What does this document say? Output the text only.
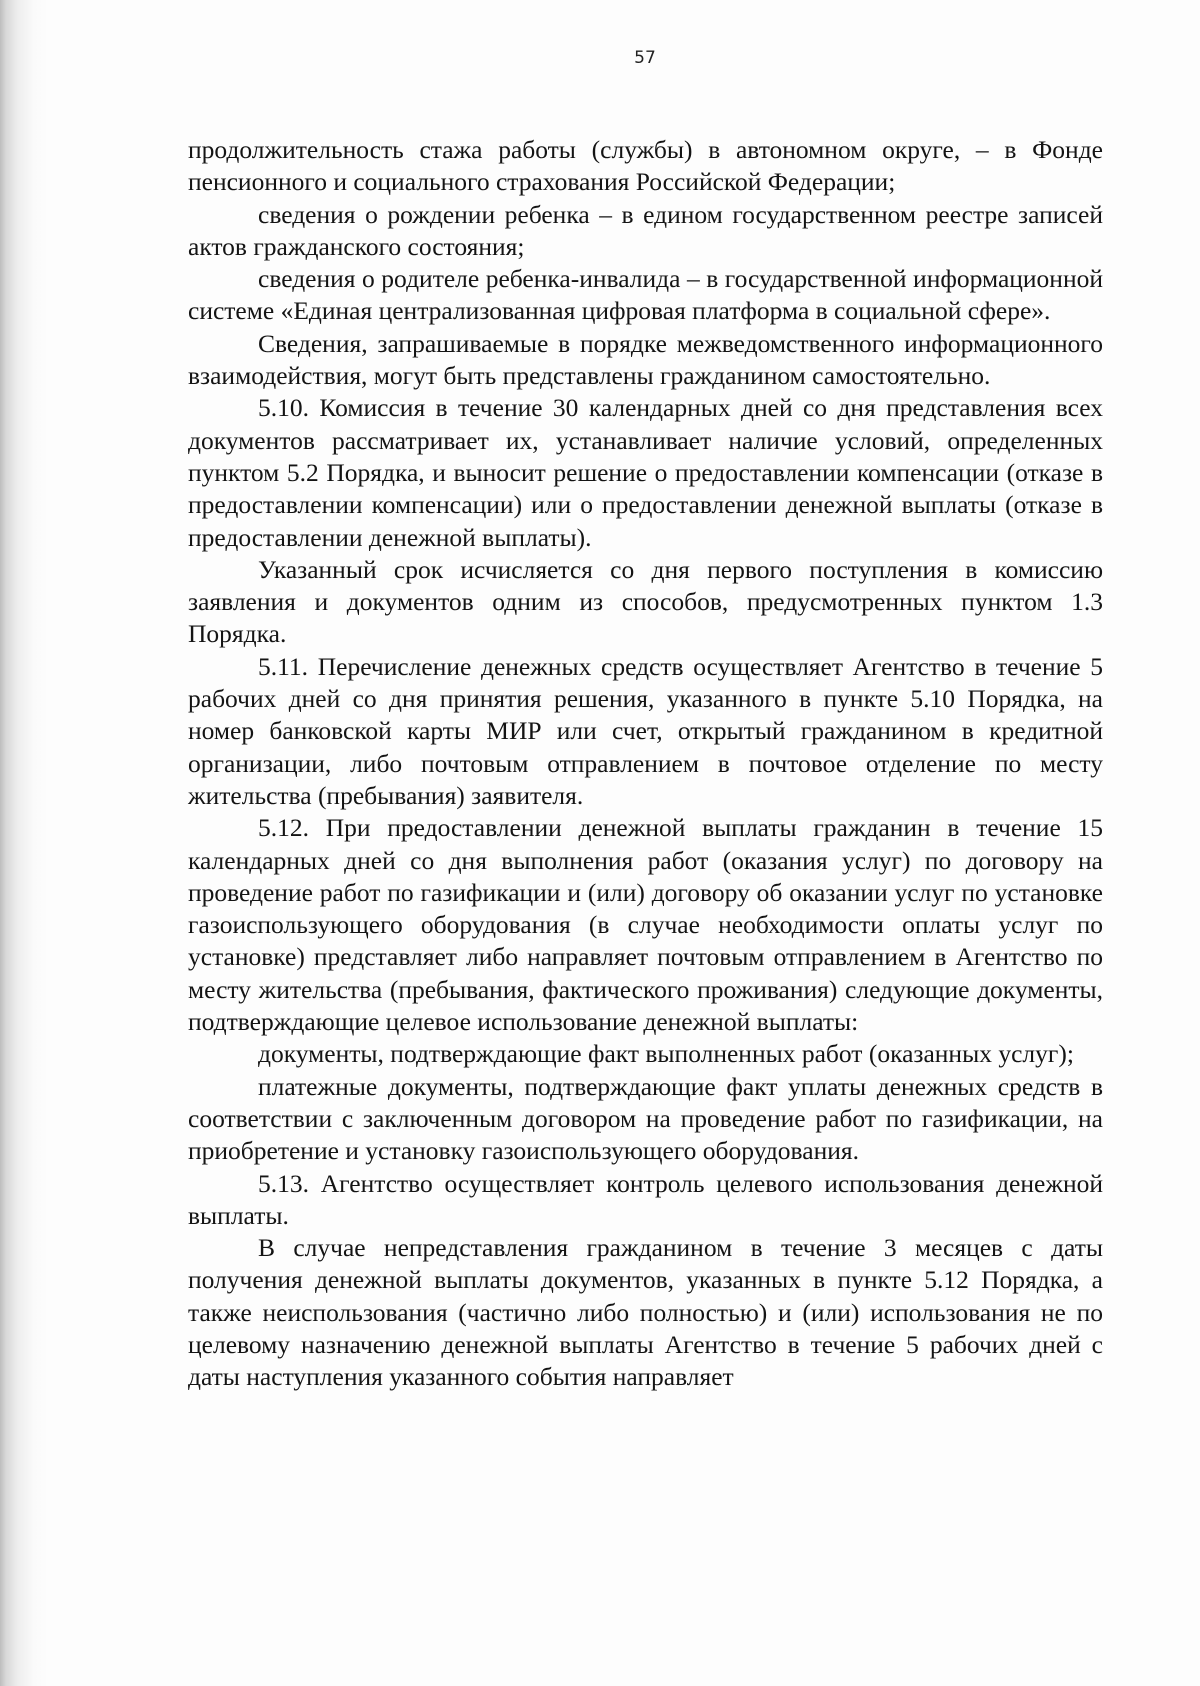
57

продолжительность стажа работы (службы) в автономном округе, – в Фонде пенсионного и социального страхования Российской Федерации;

сведения о рождении ребенка – в едином государственном реестре записей актов гражданского состояния;

сведения о родителе ребенка-инвалида – в государственной информационной системе «Единая централизованная цифровая платформа в социальной сфере».

Сведения, запрашиваемые в порядке межведомственного информационного взаимодействия, могут быть представлены гражданином самостоятельно.

5.10. Комиссия в течение 30 календарных дней со дня представления всех документов рассматривает их, устанавливает наличие условий, определенных пунктом 5.2 Порядка, и выносит решение о предоставлении компенсации (отказе в предоставлении компенсации) или о предоставлении денежной выплаты (отказе в предоставлении денежной выплаты).

Указанный срок исчисляется со дня первого поступления в комиссию заявления и документов одним из способов, предусмотренных пунктом 1.3 Порядка.

5.11. Перечисление денежных средств осуществляет Агентство в течение 5 рабочих дней со дня принятия решения, указанного в пункте 5.10 Порядка, на номер банковской карты МИР или счет, открытый гражданином в кредитной организации, либо почтовым отправлением в почтовое отделение по месту жительства (пребывания) заявителя.

5.12. При предоставлении денежной выплаты гражданин в течение 15 календарных дней со дня выполнения работ (оказания услуг) по договору на проведение работ по газификации и (или) договору об оказании услуг по установке газоиспользующего оборудования (в случае необходимости оплаты услуг по установке) представляет либо направляет почтовым отправлением в Агентство по месту жительства (пребывания, фактического проживания) следующие документы, подтверждающие целевое использование денежной выплаты:

документы, подтверждающие факт выполненных работ (оказанных услуг);

платежные документы, подтверждающие факт уплаты денежных средств в соответствии с заключенным договором на проведение работ по газификации, на приобретение и установку газоиспользующего оборудования.

5.13. Агентство осуществляет контроль целевого использования денежной выплаты.

В случае непредставления гражданином в течение 3 месяцев с даты получения денежной выплаты документов, указанных в пункте 5.12 Порядка, а также неиспользования (частично либо полностью) и (или) использования не по целевому назначению денежной выплаты Агентство в течение 5 рабочих дней с даты наступления указанного события направляет
